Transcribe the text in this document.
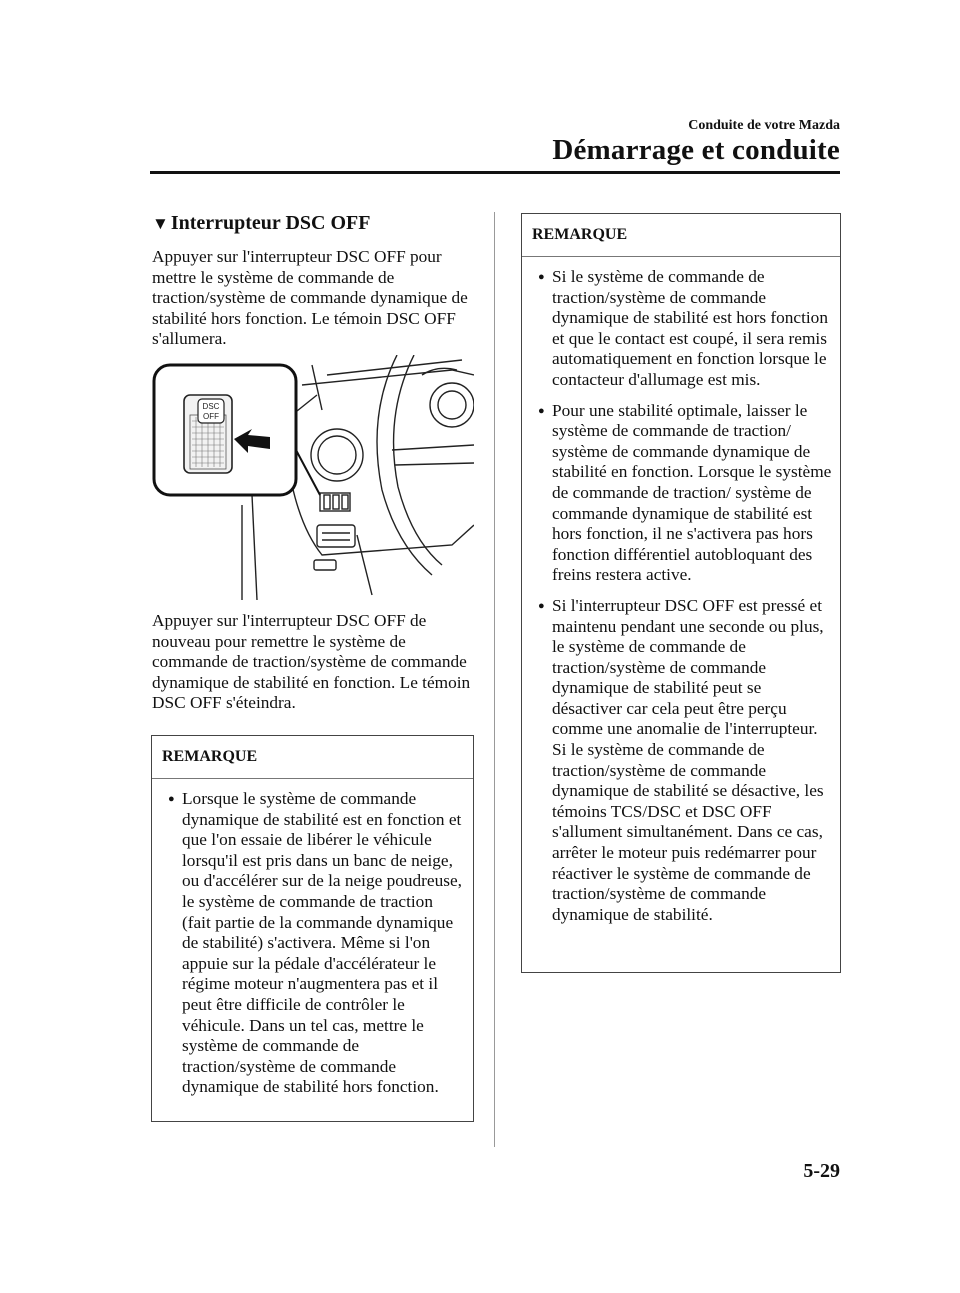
Conduite de votre Mazda
Démarrage et conduite
▼ Interrupteur DSC OFF
Appuyer sur l'interrupteur DSC OFF pour mettre le système de commande de traction/système de commande dynamique de stabilité hors fonction. Le témoin DSC OFF s'allumera.
DSC
OFF
Appuyer sur l'interrupteur DSC OFF de nouveau pour remettre le système de commande de traction/système de commande dynamique de stabilité en fonction. Le témoin DSC OFF s'éteindra.
REMARQUE
● Lorsque le système de commande dynamique de stabilité est en fonction et que l'on essaie de libérer le véhicule lorsqu'il est pris dans un banc de neige, ou d'accélérer sur de la neige poudreuse, le système de commande de traction (fait partie de la commande dynamique de stabilité) s'activera. Même si l'on appuie sur la pédale d'accélérateur le régime moteur n'augmentera pas et il peut être difficile de contrôler le véhicule. Dans un tel cas, mettre le système de commande de traction/système de commande dynamique de stabilité hors fonction.
REMARQUE
● Si le système de commande de traction/système de commande dynamique de stabilité est hors fonction et que le contact est coupé, il sera remis automatiquement en fonction lorsque le contacteur d'allumage est mis.
● Pour une stabilité optimale, laisser le système de commande de traction/ système de commande dynamique de stabilité en fonction. Lorsque le système de commande de traction/ système de commande dynamique de stabilité est hors fonction, il ne s'activera pas hors fonction différentiel autobloquant des freins restera active.
● Si l'interrupteur DSC OFF est pressé et maintenu pendant une seconde ou plus, le système de commande de traction/système de commande dynamique de stabilité peut se désactiver car cela peut être perçu comme une anomalie de l'interrupteur. Si le système de commande de traction/système de commande dynamique de stabilité se désactive, les témoins TCS/DSC et DSC OFF s'allument simultanément. Dans ce cas, arrêter le moteur puis redémarrer pour réactiver le système de commande de traction/système de commande dynamique de stabilité.
5-29
